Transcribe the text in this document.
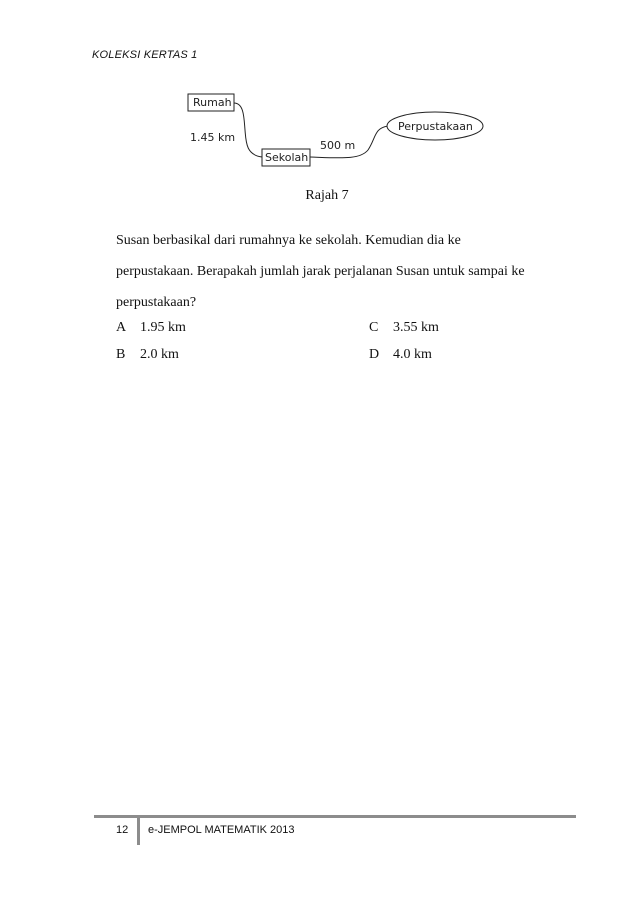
KOLEKSI KERTAS 1
Rumah
1.45 km
Sekolah
500 m
Perpustakaan
Rajah 7
Susan berbasikal dari rumahnya ke sekolah. Kemudian dia ke
perpustakaan. Berapakah jumlah jarak perjalanan Susan untuk sampai ke
perpustakaan?
A 1.95 km	C 3.55 km
B 2.0 km	D 4.0 km
12 e-JEMPOL MATEMATIK 2013
